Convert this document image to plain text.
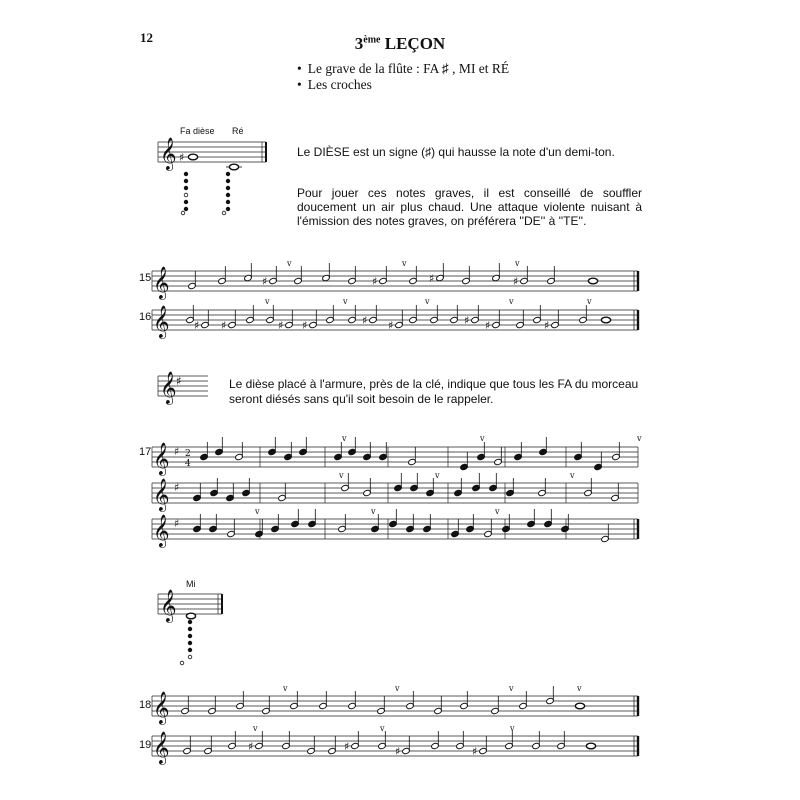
12	3ème LEÇON
• Le grave de la flûte : FA ♯ , MI et RÉ
• Les croches
Fa dièse Ré
Mi
Le DIÈSE est un signe (♯) qui hausse la note d'un demi-ton.
Pour jouer ces notes graves, il est conseillé de souffler doucement un air plus chaud. Une attaque violente nuisant à l'émission des notes graves, on préférera ''DE'' à ''TE''.
Le dièse placé à l'armure, près de la clé, indique que tous les FA du morceau seront diésés sans qu'il soit besoin de le rappeler.
15
16
17
18
19
𝄞 ♯
𝄞	♯	♯	♯	♯
v	v	v
𝄞 ♯ ♯	♯ ♯	♯ ♯	♯ ♯	♯
v	v	v	v	v
𝄞 ♯
𝄞 ♯ 2
4
𝄞 ♯
𝄞 ♯
v	v	v
v	v	v
v	v	v
𝄞
𝄞
v	v	v	v
𝄞	♯	♯	♯	♯
v	v	v
